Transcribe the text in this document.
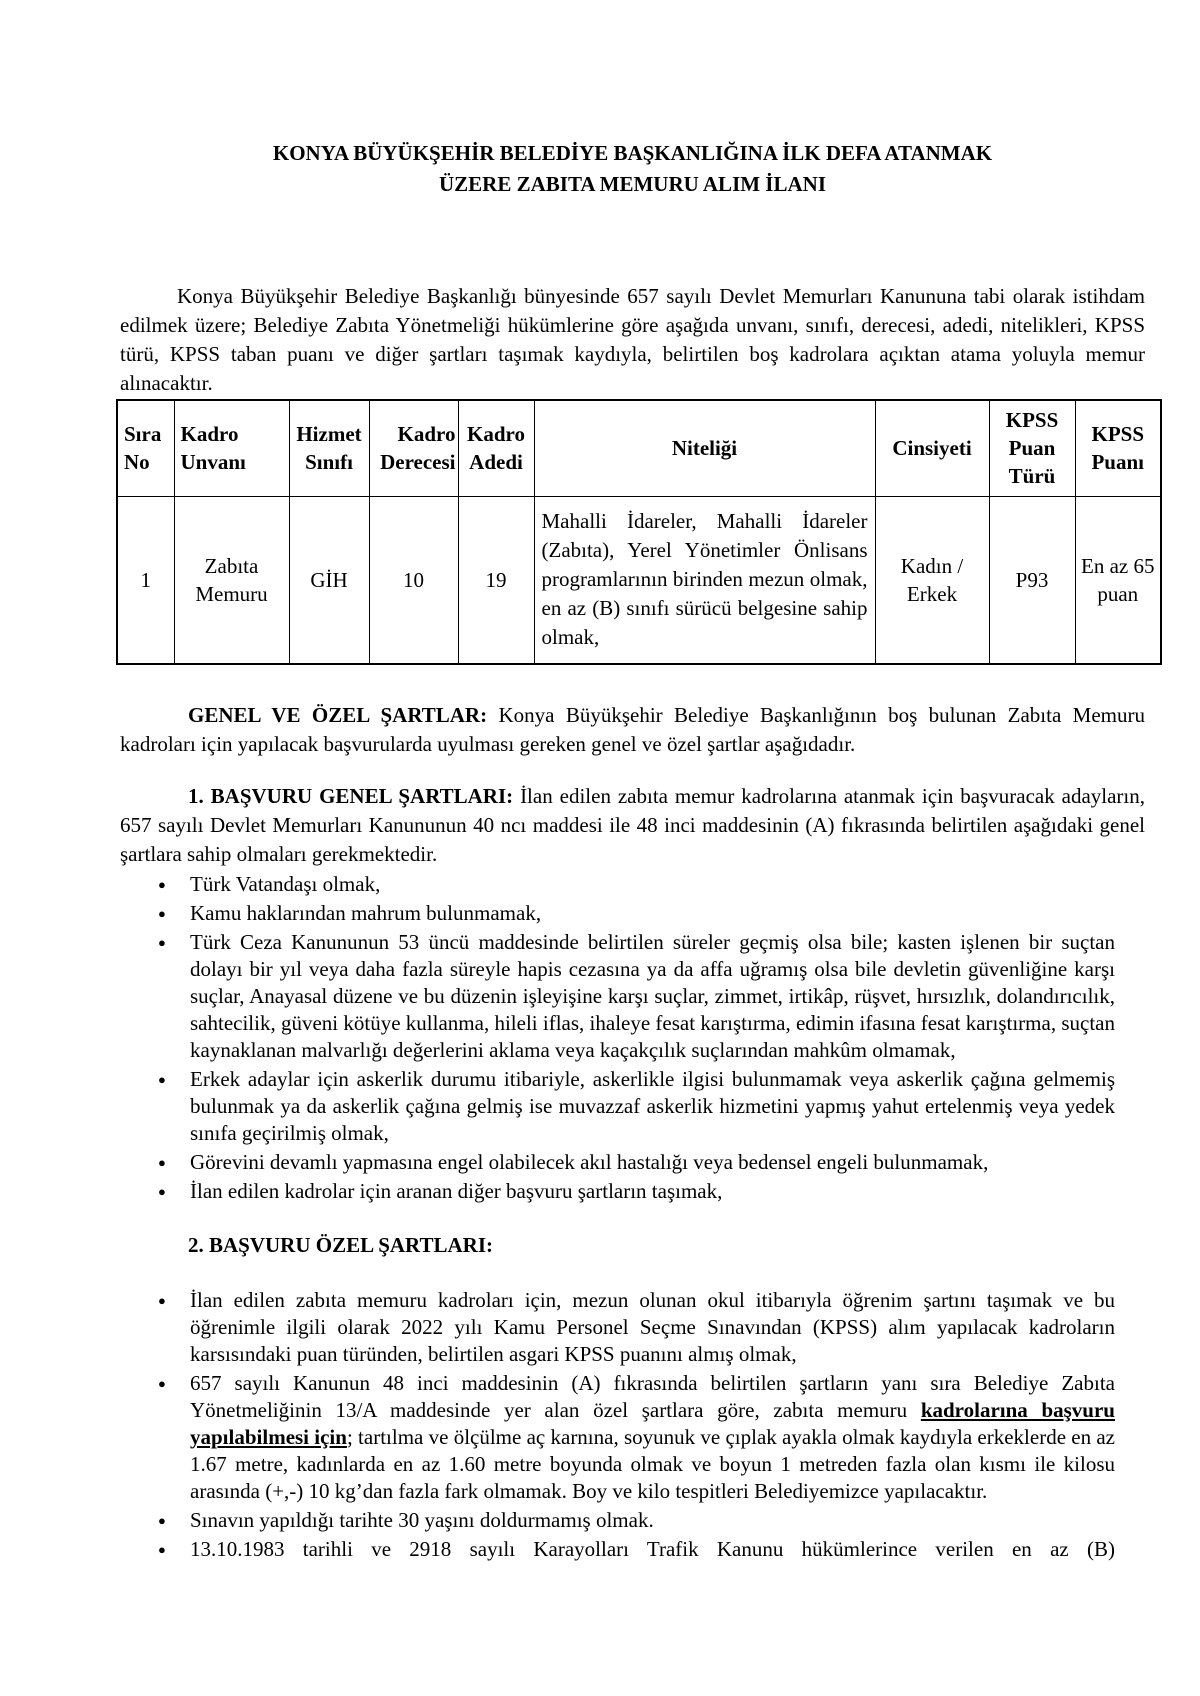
KONYA BÜYÜKŞEHİR BELEDİYE BAŞKANLIĞINA İLK DEFA ATANMAK
ÜZERE ZABITA MEMURU ALIM İLANI

Konya Büyükşehir Belediye Başkanlığı bünyesinde 657 sayılı Devlet Memurları Kanununa tabi olarak istihdam edilmek üzere; Belediye Zabıta Yönetmeliği hükümlerine göre aşağıda unvanı, sınıfı, derecesi, adedi, nitelikleri, KPSS türü, KPSS taban puanı ve diğer şartları taşımak kaydıyla, belirtilen boş kadrolara açıktan atama yoluyla memur alınacaktır.

Sıra No	Kadro Unvanı	Hizmet Sınıfı	Kadro Derecesi	Kadro Adedi	Niteliği	Cinsiyeti	KPSS Puan Türü	KPSS Puanı
1	Zabıta Memuru	GİH	10	19	Mahalli İdareler, Mahalli İdareler (Zabıta), Yerel Yönetimler Önlisans programlarının birinden mezun olmak, en az (B) sınıfı sürücü belgesine sahip olmak,	Kadın / Erkek	P93	En az 65 puan

GENEL VE ÖZEL ŞARTLAR: Konya Büyükşehir Belediye Başkanlığının boş bulunan Zabıta Memuru kadroları için yapılacak başvurularda uyulması gereken genel ve özel şartlar aşağıdadır.

1. BAŞVURU GENEL ŞARTLARI: İlan edilen zabıta memur kadrolarına atanmak için başvuracak adayların, 657 sayılı Devlet Memurları Kanununun 40 ncı maddesi ile 48 inci maddesinin (A) fıkrasında belirtilen aşağıdaki genel şartlara sahip olmaları gerekmektedir.

● Türk Vatandaşı olmak,
● Kamu haklarından mahrum bulunmamak,
● Türk Ceza Kanununun 53 üncü maddesinde belirtilen süreler geçmiş olsa bile; kasten işlenen bir suçtan dolayı bir yıl veya daha fazla süreyle hapis cezasına ya da affa uğramış olsa bile devletin güvenliğine karşı suçlar, Anayasal düzene ve bu düzenin işleyişine karşı suçlar, zimmet, irtikâp, rüşvet, hırsızlık, dolandırıcılık, sahtecilik, güveni kötüye kullanma, hileli iflas, ihaleye fesat karıştırma, edimin ifasına fesat karıştırma, suçtan kaynaklanan malvarlığı değerlerini aklama veya kaçakçılık suçlarından mahkûm olmamak,
● Erkek adaylar için askerlik durumu itibariyle, askerlikle ilgisi bulunmamak veya askerlik çağına gelmemiş bulunmak ya da askerlik çağına gelmiş ise muvazzaf askerlik hizmetini yapmış yahut ertelenmiş veya yedek sınıfa geçirilmiş olmak,
● Görevini devamlı yapmasına engel olabilecek akıl hastalığı veya bedensel engeli bulunmamak,
● İlan edilen kadrolar için aranan diğer başvuru şartların taşımak,

2. BAŞVURU ÖZEL ŞARTLARI:

● İlan edilen zabıta memuru kadroları için, mezun olunan okul itibarıyla öğrenim şartını taşımak ve bu öğrenimle ilgili olarak 2022 yılı Kamu Personel Seçme Sınavından (KPSS) alım yapılacak kadroların karsısındaki puan türünden, belirtilen asgari KPSS puanını almış olmak,
● 657 sayılı Kanunun 48 inci maddesinin (A) fıkrasında belirtilen şartların yanı sıra Belediye Zabıta Yönetmeliğinin 13/A maddesinde yer alan özel şartlara göre, zabıta memuru kadrolarına başvuru yapılabilmesi için; tartılma ve ölçülme aç karnına, soyunuk ve çıplak ayakla olmak kaydıyla erkeklerde en az 1.67 metre, kadınlarda en az 1.60 metre boyunda olmak ve boyun 1 metreden fazla olan kısmı ile kilosu arasında (+,-) 10 kg’dan fazla fark olmamak. Boy ve kilo tespitleri Belediyemizce yapılacaktır.
● Sınavın yapıldığı tarihte 30 yaşını doldurmamış olmak.
● 13.10.1983 tarihli ve 2918 sayılı Karayolları Trafik Kanunu hükümlerince verilen en az (B)
